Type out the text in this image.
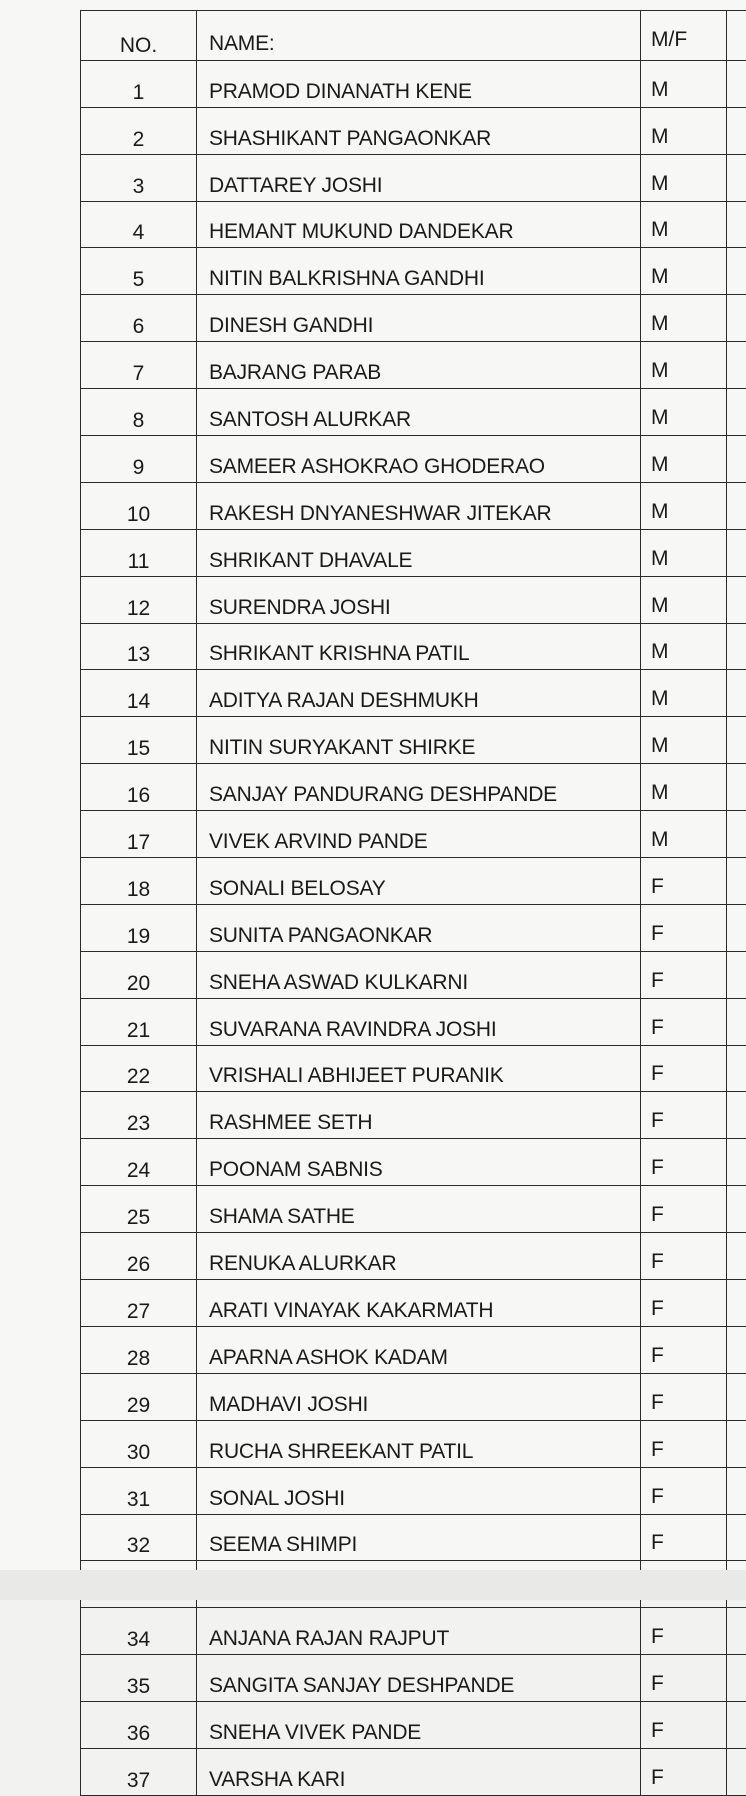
NO.	NAME:	M/F	
1	PRAMOD DINANATH KENE	M	
2	SHASHIKANT PANGAONKAR	M	
3	DATTAREY JOSHI	M	
4	HEMANT MUKUND DANDEKAR	M	
5	NITIN BALKRISHNA GANDHI	M	
6	DINESH GANDHI	M	
7	BAJRANG PARAB	M	
8	SANTOSH ALURKAR	M	
9	SAMEER ASHOKRAO GHODERAO	M	
10	RAKESH DNYANESHWAR JITEKAR	M	
11	SHRIKANT DHAVALE	M	
12	SURENDRA JOSHI	M	
13	SHRIKANT KRISHNA PATIL	M	
14	ADITYA RAJAN DESHMUKH	M	
15	NITIN SURYAKANT SHIRKE	M	
16	SANJAY PANDURANG DESHPANDE	M	
17	VIVEK ARVIND PANDE	M	
18	SONALI BELOSAY	F	
19	SUNITA PANGAONKAR	F	
20	SNEHA ASWAD KULKARNI	F	
21	SUVARANA RAVINDRA JOSHI	F	
22	VRISHALI ABHIJEET PURANIK	F	
23	RASHMEE SETH	F	
24	POONAM SABNIS	F	
25	SHAMA SATHE	F	
26	RENUKA ALURKAR	F	
27	ARATI VINAYAK KAKARMATH	F	
28	APARNA ASHOK KADAM	F	
29	MADHAVI JOSHI	F	
30	RUCHA SHREEKANT PATIL	F	
31	SONAL JOSHI	F	
32	SEEMA SHIMPI	F	

34	ANJANA RAJAN RAJPUT	F	
35	SANGITA SANJAY DESHPANDE	F	
36	SNEHA VIVEK PANDE	F	
37	VARSHA KARI	F	
